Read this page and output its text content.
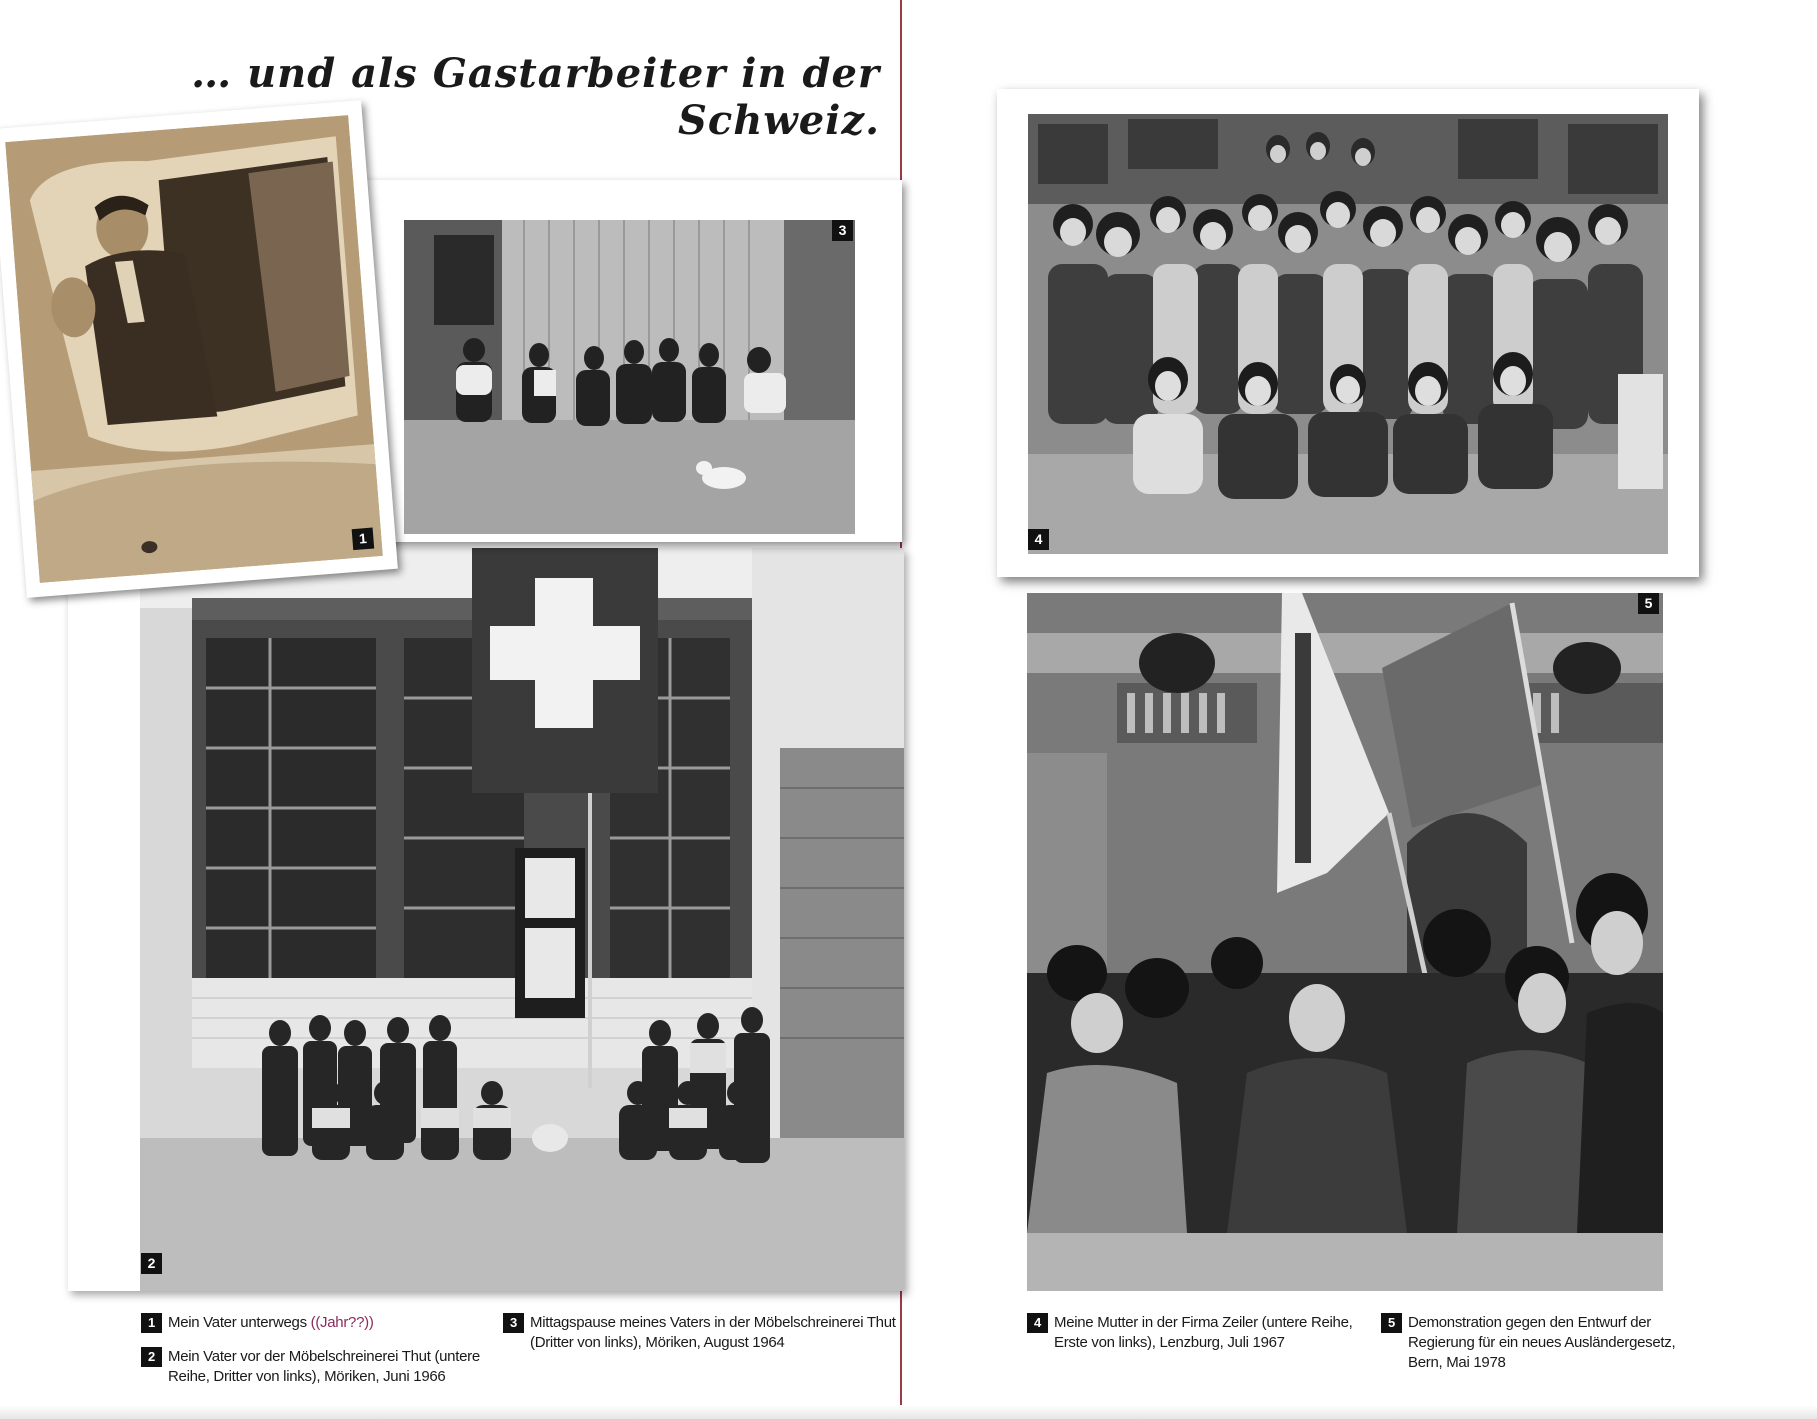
… und als Gastarbeiter in der Schweiz.
2
3
1	4
5

1 Mein Vater unterwegs ((Jahr??))

2 Mein Vater vor der Möbelschreinerei Thut (untere Reihe, Dritter von links), Möriken, Juni 1966

3 Mittagspause meines Vaters in der Möbelschreinerei Thut (Dritter von links), Möriken, August 1964

4 Meine Mutter in der Firma Zeiler (untere Reihe, Erste von links), Lenzburg, Juli 1967

5 Demonstration gegen den Entwurf der Regierung für ein neues Ausländergesetz, Bern, Mai 1978
